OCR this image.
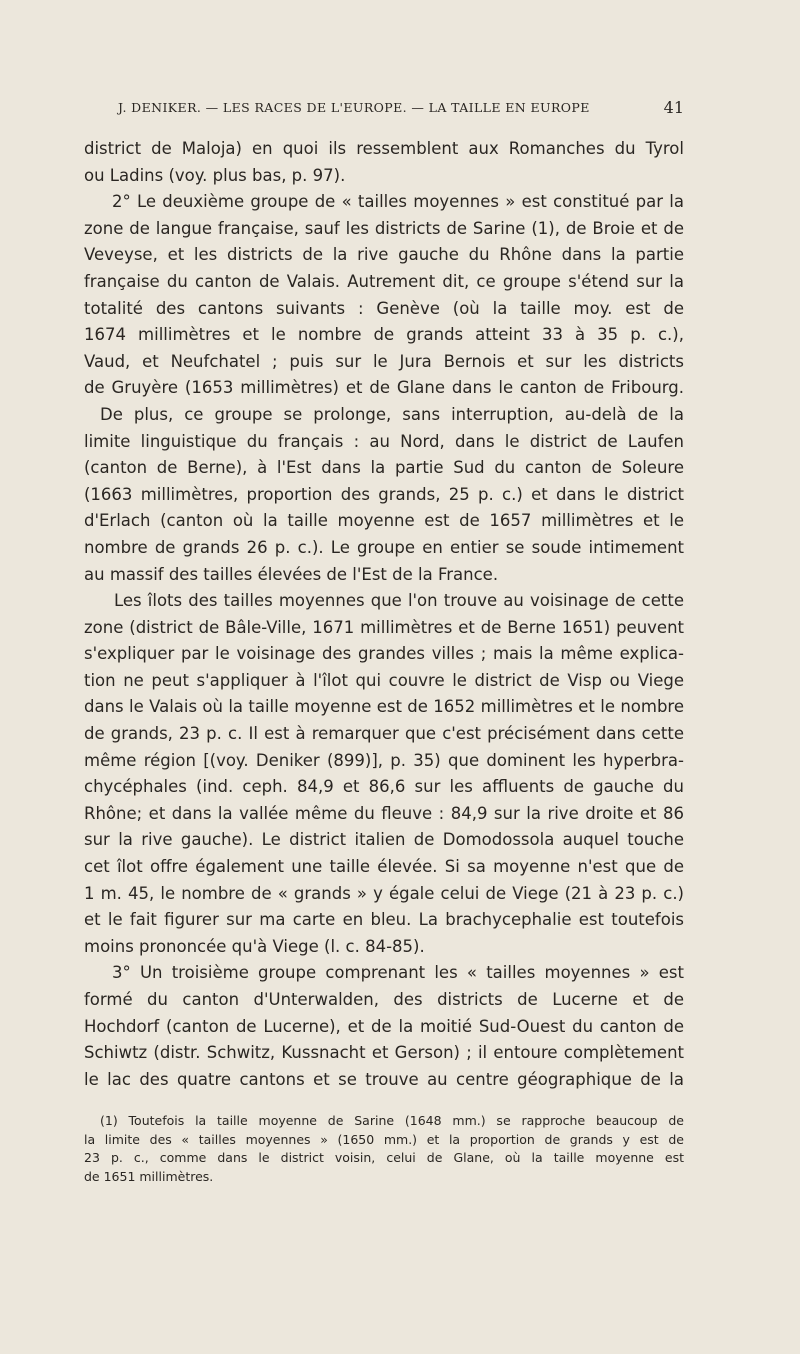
J. DENIKER. — LES RACES DE L'EUROPE. — LA TAILLE EN EUROPE	41
district de Maloja) en quoi ils ressemblent aux Romanches du Tyrol
ou Ladins (voy. plus bas, p. 97).
2° Le deuxième groupe de « tailles moyennes » est constitué par la
zone de langue française, sauf les districts de Sarine (1), de Broie et de
Veveyse, et les districts de la rive gauche du Rhône dans la partie
française du canton de Valais. Autrement dit, ce groupe s'étend sur la
totalité des cantons suivants : Genève (où la taille moy. est de
1674 millimètres et le nombre de grands atteint 33 à 35 p. c.),
Vaud, et Neufchatel ; puis sur le Jura Bernois et sur les districts
de Gruyère (1653 millimètres) et de Glane dans le canton de Fribourg.
De plus, ce groupe se prolonge, sans interruption, au-delà de la
limite linguistique du français : au Nord, dans le district de Laufen
(canton de Berne), à l'Est dans la partie Sud du canton de Soleure
(1663 millimètres, proportion des grands, 25 p. c.) et dans le district
d'Erlach (canton où la taille moyenne est de 1657 millimètres et le
nombre de grands 26 p. c.). Le groupe en entier se soude intimement
au massif des tailles élevées de l'Est de la France.
Les îlots des tailles moyennes que l'on trouve au voisinage de cette
zone (district de Bâle-Ville, 1671 millimètres et de Berne 1651) peuvent
s'expliquer par le voisinage des grandes villes ; mais la même explica-
tion ne peut s'appliquer à l'îlot qui couvre le district de Visp ou Viege
dans le Valais où la taille moyenne est de 1652 millimètres et le nombre
de grands, 23 p. c. Il est à remarquer que c'est précisément dans cette
même région [(voy. Deniker (899)], p. 35) que dominent les hyperbra-
chycéphales (ind. ceph. 84,9 et 86,6 sur les affluents de gauche du
Rhône; et dans la vallée même du fleuve : 84,9 sur la rive droite et 86
sur la rive gauche). Le district italien de Domodossola auquel touche
cet îlot offre également une taille élevée. Si sa moyenne n'est que de
1 m. 45, le nombre de « grands » y égale celui de Viege (21 à 23 p. c.)
et le fait figurer sur ma carte en bleu. La brachycephalie est toutefois
moins prononcée qu'à Viege (l. c. 84-85).
3° Un troisième groupe comprenant les « tailles moyennes » est
formé du canton d'Unterwalden, des districts de Lucerne et de
Hochdorf (canton de Lucerne), et de la moitié Sud-Ouest du canton de
Schiwtz (distr. Schwitz, Kussnacht et Gerson) ; il entoure complètement
le lac des quatre cantons et se trouve au centre géographique de la
(1) Toutefois la taille moyenne de Sarine (1648 mm.) se rapproche beaucoup de
la limite des « tailles moyennes » (1650 mm.) et la proportion de grands y est de
23 p. c., comme dans le district voisin, celui de Glane, où la taille moyenne est
de 1651 millimètres.
